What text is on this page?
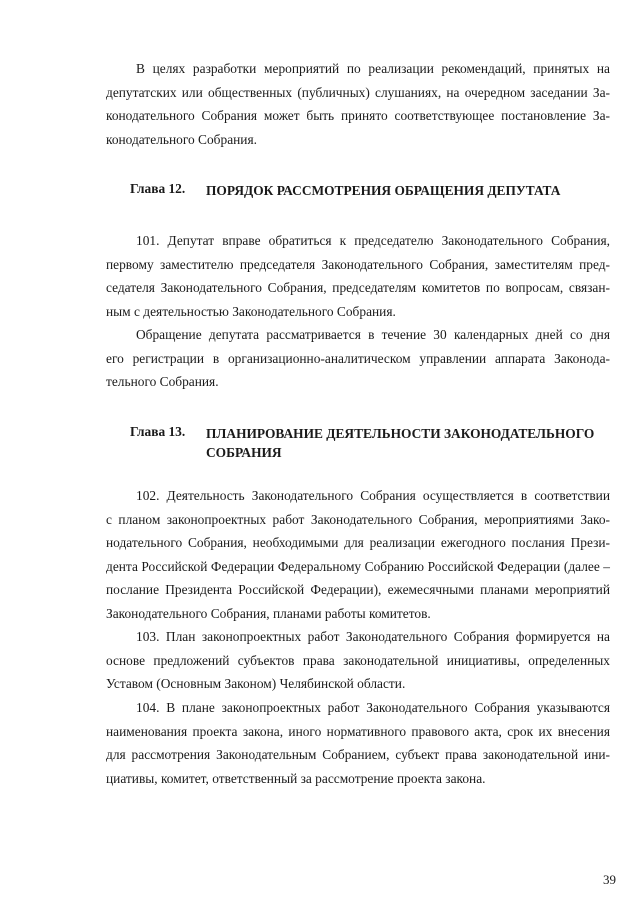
В целях разработки мероприятий по реализации рекомендаций, принятых на
депутатских или общественных (публичных) слушаниях, на очередном заседании За-
конодательного Собрания может быть принято соответствующее постановление За-
конодательного Собрания.
Глава 12. ПОРЯДОК РАССМОТРЕНИЯ ОБРАЩЕНИЯ ДЕПУТАТА
101. Депутат вправе обратиться к председателю Законодательного Собрания,
первому заместителю председателя Законодательного Собрания, заместителям пред-
седателя Законодательного Собрания, председателям комитетов по вопросам, связан-
ным с деятельностью Законодательного Собрания.
Обращение депутата рассматривается в течение 30 календарных дней со дня
его регистрации в организационно-аналитическом управлении аппарата Законода-
тельного Собрания.
Глава 13. ПЛАНИРОВАНИЕ ДЕЯТЕЛЬНОСТИ ЗАКОНОДАТЕЛЬНОГО
СОБРАНИЯ
102. Деятельность Законодательного Собрания осуществляется в соответствии
с планом законопроектных работ Законодательного Собрания, мероприятиями Зако-
нодательного Собрания, необходимыми для реализации ежегодного послания Прези-
дента Российской Федерации Федеральному Собранию Российской Федерации (далее –
послание Президента Российской Федерации), ежемесячными планами мероприятий
Законодательного Собрания, планами работы комитетов.
103. План законопроектных работ Законодательного Собрания формируется на
основе предложений субъектов права законодательной инициативы, определенных
Уставом (Основным Законом) Челябинской области.
104. В плане законопроектных работ Законодательного Собрания указываются
наименования проекта закона, иного нормативного правового акта, срок их внесения
для рассмотрения Законодательным Собранием, субъект права законодательной ини-
циативы, комитет, ответственный за рассмотрение проекта закона.
39
